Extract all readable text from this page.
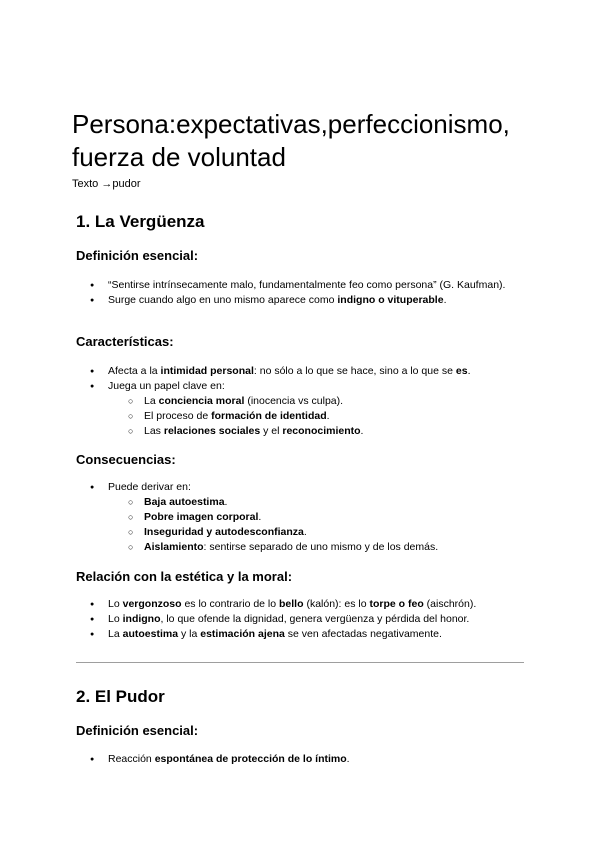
Persona:expectativas,perfeccionismo, fuerza de voluntad

Texto →pudor

1. La Vergüenza
Definición esencial:
● “Sentirse intrínsecamente malo, fundamentalmente feo como persona” (G. Kaufman).
● Surge cuando algo en uno mismo aparece como indigno o vituperable.
Características:
● Afecta a la intimidad personal: no sólo a lo que se hace, sino a lo que se es.
● Juega un papel clave en:
○ La conciencia moral (inocencia vs culpa).
○ El proceso de formación de identidad.
○ Las relaciones sociales y el reconocimiento.
Consecuencias:
● Puede derivar en:
○ Baja autoestima.
○ Pobre imagen corporal.
○ Inseguridad y autodesconfianza.
○ Aislamiento: sentirse separado de uno mismo y de los demás.
Relación con la estética y la moral:
● Lo vergonzoso es lo contrario de lo bello (kalón): es lo torpe o feo (aischrón).
● Lo indigno, lo que ofende la dignidad, genera vergüenza y pérdida del honor.
● La autoestima y la estimación ajena se ven afectadas negativamente.
2. El Pudor
Definición esencial:
● Reacción espontánea de protección de lo íntimo.
